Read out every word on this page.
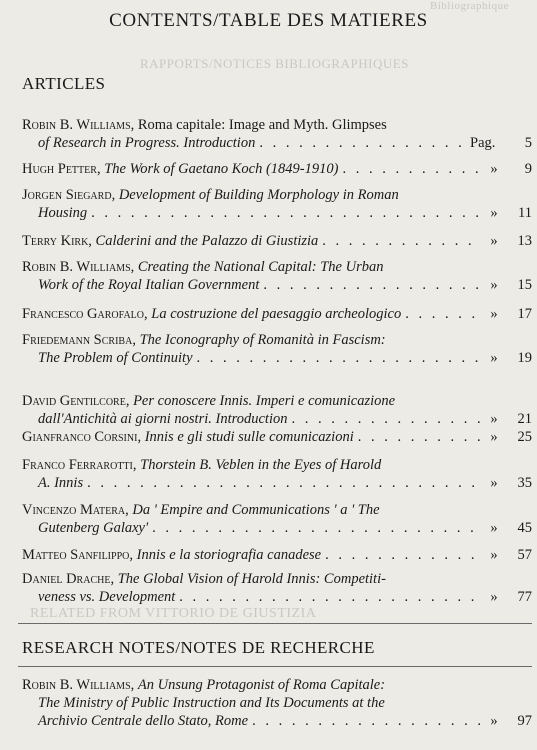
Bibliographique
RAPPORTS/NOTICES BIBLIOGRAPHIQUES
CONTENTS/TABLE DES MATIERES
ARTICLES
Robin B. Williams , Roma capitale: Image and Myth. Glimpses
of Research in Progress. Introduction . . .	Pag.	5
Hugh Petter , The Work of Gaetano Koch (1849-1910) . . .	»	9
Jorgen Siegard , Development of Building Morphology in Roman
Housing . . .	»	11
Terry Kirk , Calderini and the Palazzo di Giustizia . . .	»	13
Robin B. Williams , Creating the National Capital: The Urban
Work of the Royal Italian Government . . .	»	15
Francesco Garofalo , La costruzione del paesaggio archeologico . . .	»	17
Friedemann Scriba , The Iconography of Romanità in Fascism:
The Problem of Continuity . . .	»	19
David Gentilcore , Per conoscere Innis. Imperi e comunicazione
dall'Antichità ai giorni nostri. Introduction . . .	»	21
Gianfranco Corsini , Innis e gli studi sulle comunicazioni . . .	»	25
Franco Ferrarotti , Thorstein B. Veblen in the Eyes of Harold
A. Innis . . .	»	35
Vincenzo Matera , Da ' Empire and Communications ' a ' The
Gutenberg Galaxy' . . .	»	45
Matteo Sanfilippo , Innis e la storiografia canadese . . .	»	57
Daniel Drache , The Global Vision of Harold Innis: Competiti-
veness vs. Development . . .	»	77
RELATED FROM VITTORIO DE GIUSTIZIA
RESEARCH NOTES/NOTES DE RECHERCHE
Robin B. Williams , An Unsung Protagonist of Roma Capitale:
The Ministry of Public Instruction and Its Documents at the
Archivio Centrale dello Stato, Rome . . .	»	97
